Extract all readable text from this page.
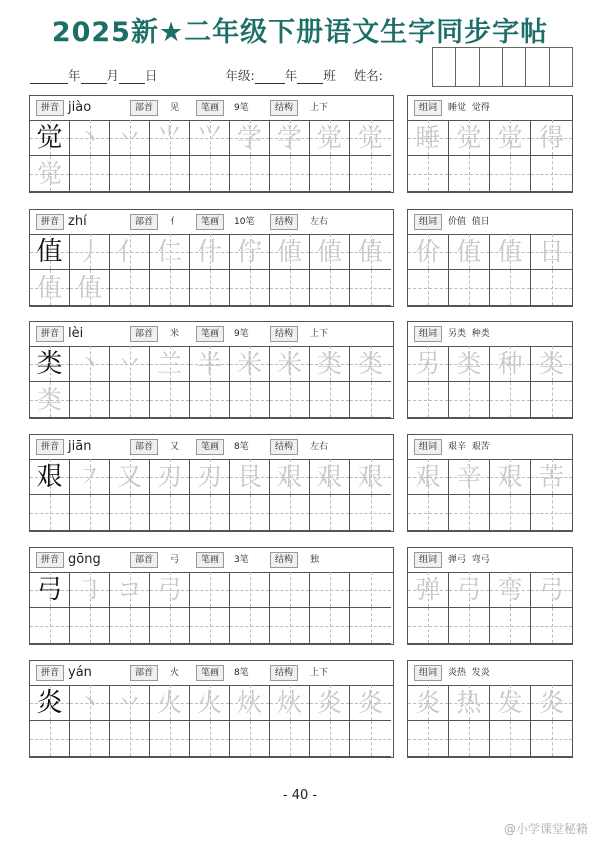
2025新★二年级下册语文生字同步字帖
年 月 日	年级: 年 班 姓名:
拼音 jiào	部首	见	笔画	9笔	结构	上下
觉 丶 丷 ⺌ ⺍ 学 学 觉 觉
觉
组词	睡觉  觉得
睡 觉 觉 得
拼音 zhí	部首	亻	笔画	10笔	结构	左右
值 丿 亻 仁 什 佇 値 値 值
值 值
组词	价值  值日
价 值 值 日
拼音 lèi	部首	米	笔画	9笔	结构	上下
类 丶 丷 兰 半 米 米 类 类
类
组词	另类  种类
另 类 种 类
拼音 jiān	部首	又	笔画	8笔	结构	左右
艰 ㇇ 又 刃 刃 艮 艰 艰 艰
组词	艰辛  艰苦
艰 辛 艰 苦
拼音 gōng	部首	弓	笔画	3笔	结构	独
弓 ㇆ コ 弓
组词	弹弓  弯弓
弹 弓 弯 弓
拼音 yán	部首	火	笔画	8笔	结构	上下
炎 丶 丷 火 火 炏 炏 炎 炎
组词	炎热  发炎
炎 热 发 炎
- 40 -
@小学课堂秘籍
